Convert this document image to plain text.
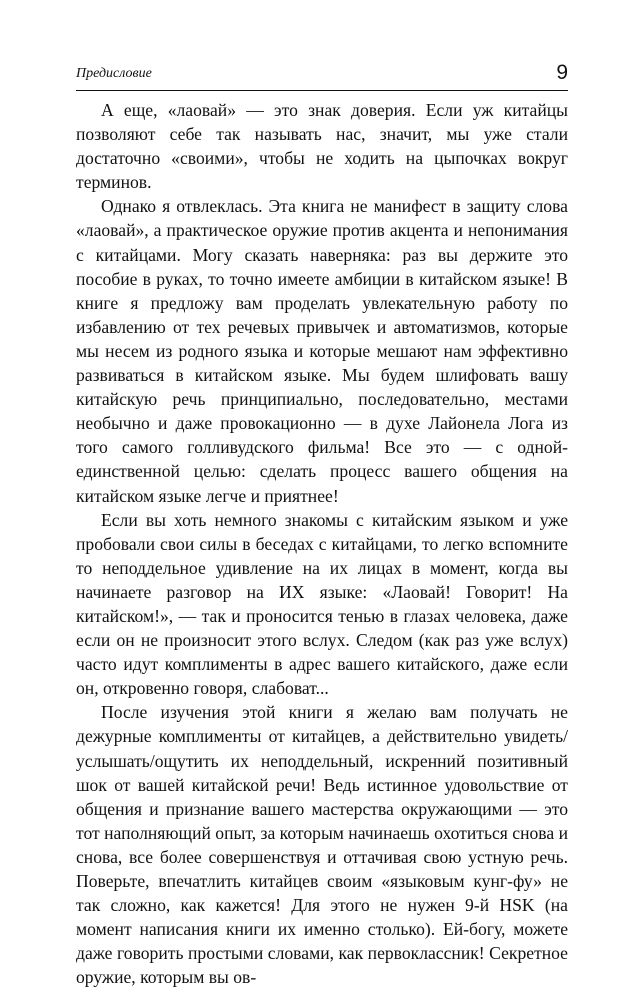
Предисловие	9

А еще, «лаовай» — это знак доверия. Если уж китайцы позволяют себе так называть нас, значит, мы уже стали достаточно «своими», чтобы не ходить на цыпочках вокруг терминов.

Однако я отвлеклась. Эта книга не манифест в защиту слова «лаовай», а практическое оружие против акцента и непонимания с китайцами. Могу сказать наверняка: раз вы держите это пособие в руках, то точно имеете амбиции в китайском языке! В книге я предложу вам проделать увлекательную работу по избавлению от тех речевых привычек и автоматизмов, которые мы несем из родного языка и которые мешают нам эффективно развиваться в китайском языке. Мы будем шлифовать вашу китайскую речь принципиально, последовательно, местами необычно и даже провокационно — в духе Лайонела Лога из того самого голливудского фильма! Все это — с одной-единственной целью: сделать процесс вашего общения на китайском языке легче и приятнее!

Если вы хоть немного знакомы с китайским языком и уже пробовали свои силы в беседах с китайцами, то легко вспомните то неподдельное удивление на их лицах в момент, когда вы начинаете разговор на ИХ языке: «Лаовай! Говорит! На китайском!», — так и проносится тенью в глазах человека, даже если он не произносит этого вслух. Следом (как раз уже вслух) часто идут комплименты в адрес вашего китайского, даже если он, откровенно говоря, слабоват...

После изучения этой книги я желаю вам получать не дежурные комплименты от китайцев, а действительно увидеть/услышать/ощутить их неподдельный, искренний позитивный шок от вашей китайской речи! Ведь истинное удовольствие от общения и признание вашего мастерства окружающими — это тот наполняющий опыт, за которым начинаешь охотиться снова и снова, все более совершенствуя и оттачивая свою устную речь. Поверьте, впечатлить китайцев своим «языковым кунг-фу» не так сложно, как кажется! Для этого не нужен 9-й HSK (на момент написания книги их именно столько). Ей-богу, можете даже говорить простыми словами, как первоклассник! Секретное оружие, которым вы ов-
